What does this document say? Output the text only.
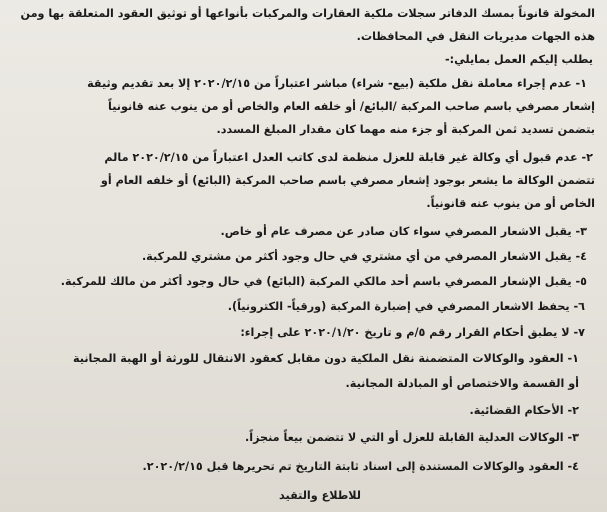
المخولة قانوناً بمسك الدفاتر سجلات ملكية العقارات والمركبات بأنواعها أو توثيق العقود المتعلقة بها ومن
هذه الجهات مديريات النقل في المحافظات.
يطلب إليكم العمل بمايلي:-
١- عدم إجراء معاملة نقل ملكية (بيع- شراء) مباشر اعتباراً من ٢٠٢٠/٢/١٥ إلا بعد تقديم وثيقة
إشعار مصرفي باسم صاحب المركبة /البائع/ أو خلفه العام والخاص أو من ينوب عنه قانونياً
بتضمن تسديد ثمن المركبة أو جزء منه مهما كان مقدار المبلغ المسدد.
٢- عدم قبول أي وكالة غير قابلة للعزل منظمة لدى كاتب العدل اعتباراً من ٢٠٢٠/٢/١٥ مالم
تتضمن الوكالة ما يشعر بوجود إشعار مصرفي باسم صاحب المركبة (البائع) أو خلفه العام أو
الخاص أو من ينوب عنه قانونياً.
٣- يقبل الاشعار المصرفي سواء كان صادر عن مصرف عام أو خاص.
٤- يقبل الاشعار المصرفي من أي مشتري في حال وجود أكثر من مشتري للمركبة.
٥- يقبل الإشعار المصرفي باسم أحد مالكي المركبة (البائع) في حال وجود أكثر من مالك للمركبة.
٦- يحفظ الاشعار المصرفي في إضبارة المركبة (ورقياً- الكترونياً).
٧- لا يطبق أحكام القرار رقم ٥/م و تاريخ ٢٠٢٠/١/٢٠ على إجراء:
١- العقود والوكالات المتضمنة نقل الملكية دون مقابل كعقود الانتقال للورثة أو الهبة المجانية
أو القسمة والاختصاص أو المبادلة المجانية.
٢- الأحكام القضائية.
٣- الوكالات العدلية القابلة للعزل أو التي لا تتضمن بيعاً منجزاً.
٤- العقود والوكالات المستندة إلى اسناد ثابتة التاريخ تم تحريرها قبل ٢٠٢٠/٢/١٥.
للاطلاع والتقيد
